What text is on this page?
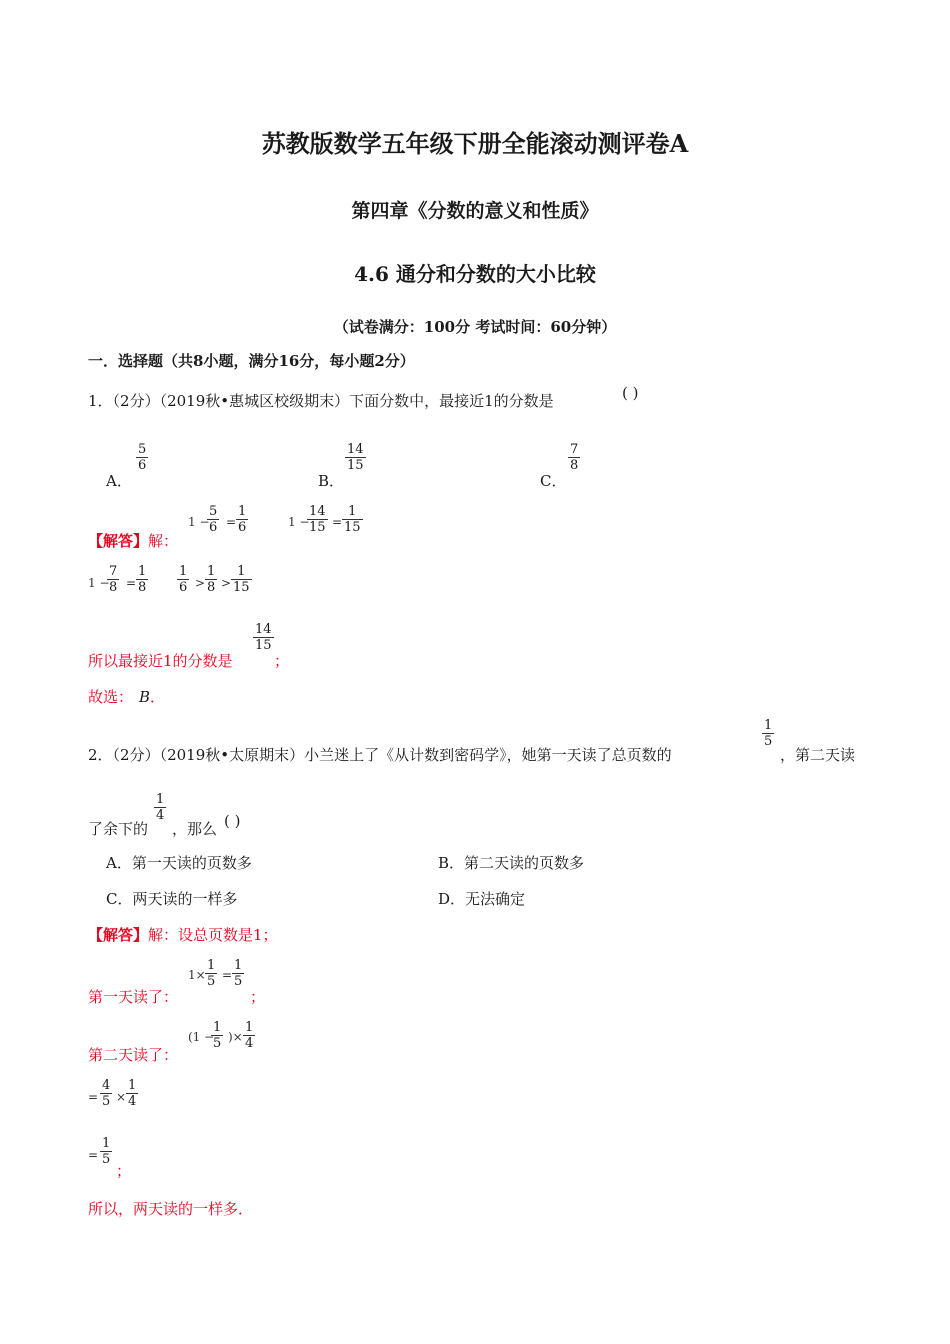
苏教版数学五年级下册全能滚动测评卷A
第四章《分数的意义和性质》
4.6 通分和分数的大小比较
（试卷满分：100分 考试时间：60分钟）
一．选择题（共8小题，满分16分，每小题2分）
1．（2分）（2019秋•惠城区校级期末）下面分数中，最接近1的分数是	( )
A．
$\frac{5}{6}$
B．
$\frac{14}{15}$
C．
$\frac{7}{8}$
【解答】解：
1 −
$\frac{5}{6} = \frac{1}{6}$	1 −
$\frac{14}{15} = \frac{1}{15}$
1 −
$\frac{7}{8} = \frac{1}{8} \frac{1}{6} > \frac{1}{8} > \frac{1}{15}$
所以最接近1的分数是
$\frac{14}{15}$
；
故选： B．
2．（2分）（2019秋•太原期末）小兰迷上了《从计数到密码学》，她第一天读了总页数的
$\frac{1}{5}$
，第二天读
了余下的
$\frac{1}{4}$
，那么 ( )
A．第一天读的页数多	B．第二天读的页数多
C．两天读的一样多	D．无法确定
【解答】解：设总页数是1；
第一天读了：
$1\times \frac{1}{5} = \frac{1}{5}$
；
第二天读了：
(1 −
$\frac{1}{5}$ )× $\frac{1}{4}$
= $\frac{4}{5} \times \frac{1}{4}$
= $\frac{1}{5}$
；
所以，两天读的一样多．
